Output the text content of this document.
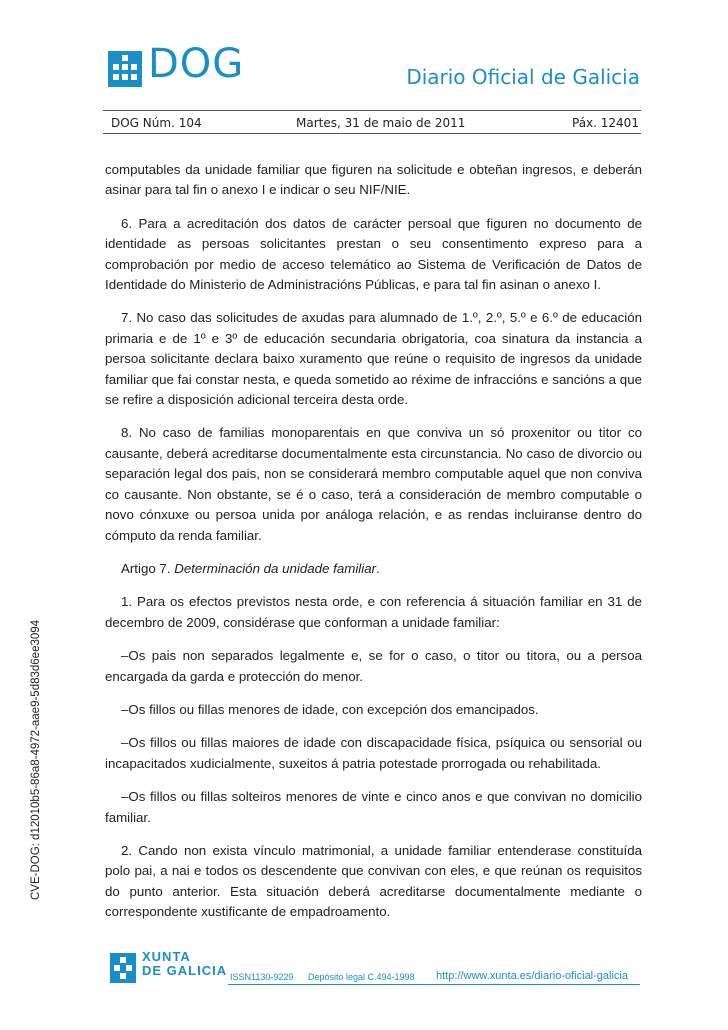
DOG	Diario Oficial de Galicia
DOG Núm. 104	Martes, 31 de maio de 2011	Páx. 12401

computables da unidade familiar que figuren na solicitude e obteñan ingresos, e deberán asinar para tal fin o anexo I e indicar o seu NIF/NIE.

6. Para a acreditación dos datos de carácter persoal que figuren no documento de identidade as persoas solicitantes prestan o seu consentimento expreso para a comprobación por medio de acceso telemático ao Sistema de Verificación de Datos de Identidade do Ministerio de Administracións Públicas, e para tal fin asinan o anexo I.

7. No caso das solicitudes de axudas para alumnado de 1.º, 2.º, 5.º e 6.º de educación primaria e de 1º e 3º de educación secundaria obrigatoria, coa sinatura da instancia a persoa solicitante declara baixo xuramento que reúne o requisito de ingresos da unidade familiar que fai constar nesta, e queda sometido ao réxime de infraccións e sancións a que se refire a disposición adicional terceira desta orde.

8. No caso de familias monoparentais en que conviva un só proxenitor ou titor co causante, deberá acreditarse documentalmente esta circunstancia. No caso de divorcio ou separación legal dos pais, non se considerará membro computable aquel que non conviva co causante. Non obstante, se é o caso, terá a consideración de membro computable o novo cónxuxe ou persoa unida por análoga relación, e as rendas incluiranse dentro do cómputo da renda familiar.

Artigo 7. Determinación da unidade familiar.

1. Para os efectos previstos nesta orde, e con referencia á situación familiar en 31 de decembro de 2009, considérase que conforman a unidade familiar:

–Os pais non separados legalmente e, se for o caso, o titor ou titora, ou a persoa encargada da garda e protección do menor.

–Os fillos ou fillas menores de idade, con excepción dos emancipados.

–Os fillos ou fillas maiores de idade con discapacidade física, psíquica ou sensorial ou incapacitados xudicialmente, suxeitos á patria potestade prorrogada ou rehabilitada.

–Os fillos ou fillas solteiros menores de vinte e cinco anos e que convivan no domicilio familiar.

2. Cando non exista vínculo matrimonial, a unidade familiar entenderase constituída polo pai, a nai e todos os descendente que convivan con eles, e que reúnan os requisitos do punto anterior. Esta situación deberá acreditarse documentalmente mediante o correspondente xustificante de empadroamento.

CVE-DOG: d12010b5-86a8-4972-aae9-5d83d6ee3094
XUNTA
DE GALICIA ISSN1130-9229 Depósito legal C.494-1998 http://www.xunta.es/diario-oficial-galicia
